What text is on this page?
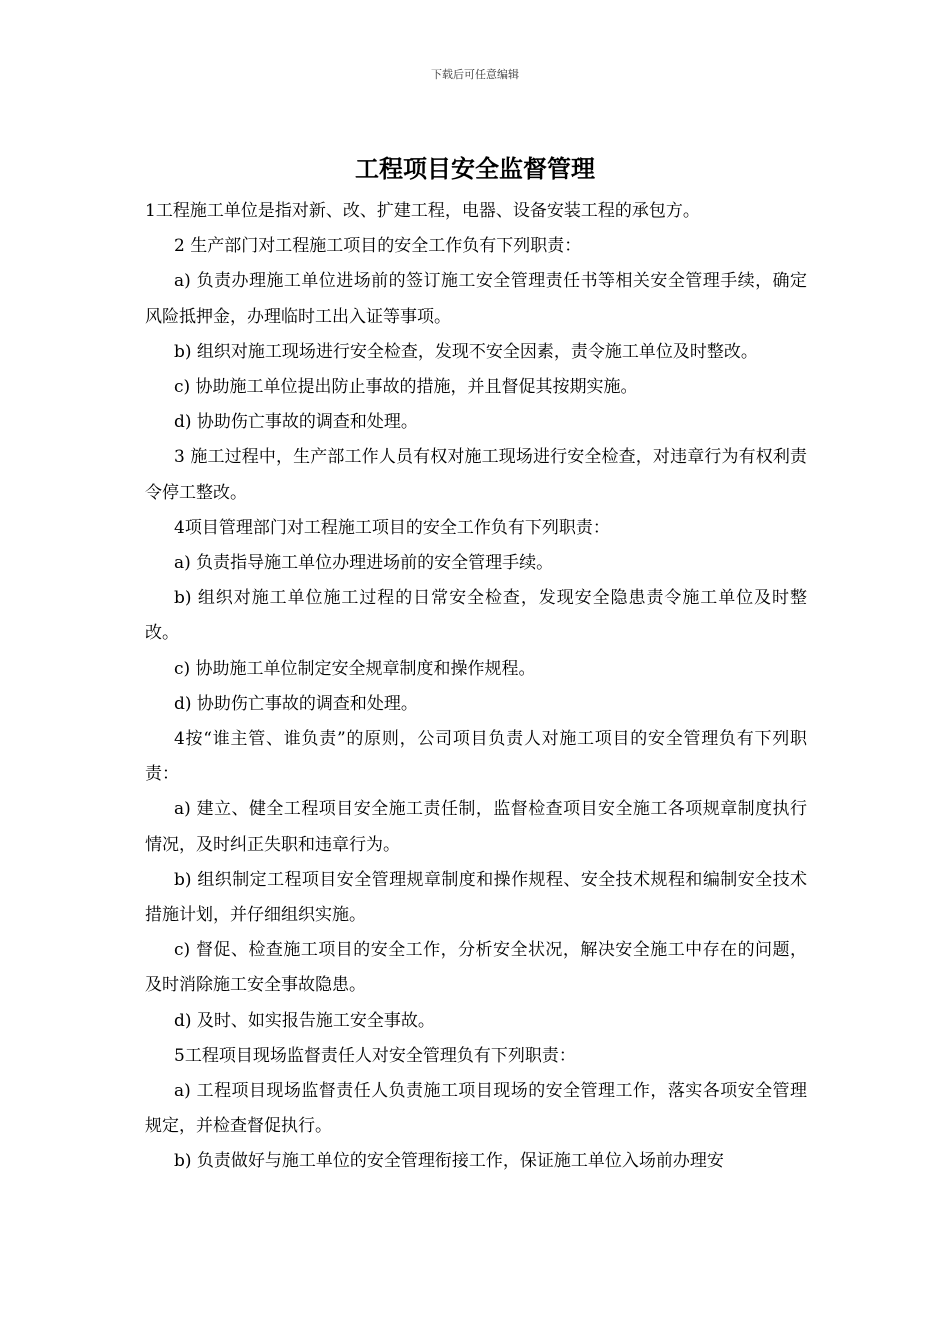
下载后可任意编辑
工程项目安全监督管理

1工程施工单位是指对新、改、扩建工程，电器、设备安装工程的承包方。

2 生产部门对工程施工项目的安全工作负有下列职责：

a) 负责办理施工单位进场前的签订施工安全管理责任书等相关安全管理手续，确定风险抵押金，办理临时工出入证等事项。

b) 组织对施工现场进行安全检查，发现不安全因素，责令施工单位及时整改。

c) 协助施工单位提出防止事故的措施，并且督促其按期实施。

d) 协助伤亡事故的调查和处理。

3 施工过程中，生产部工作人员有权对施工现场进行安全检查，对违章行为有权利责令停工整改。

4项目管理部门对工程施工项目的安全工作负有下列职责：

a) 负责指导施工单位办理进场前的安全管理手续。

b) 组织对施工单位施工过程的日常安全检查，发现安全隐患责令施工单位及时整改。

c) 协助施工单位制定安全规章制度和操作规程。

d) 协助伤亡事故的调查和处理。

4按“谁主管、谁负责”的原则，公司项目负责人对施工项目的安全管理负有下列职责：

a) 建立、健全工程项目安全施工责任制，监督检查项目安全施工各项规章制度执行情况，及时纠正失职和违章行为。

b) 组织制定工程项目安全管理规章制度和操作规程、安全技术规程和编制安全技术措施计划，并仔细组织实施。

c) 督促、检查施工项目的安全工作，分析安全状况，解决安全施工中存在的问题，及时消除施工安全事故隐患。

d) 及时、如实报告施工安全事故。

5工程项目现场监督责任人对安全管理负有下列职责：

a) 工程项目现场监督责任人负责施工项目现场的安全管理工作，落实各项安全管理规定，并检查督促执行。

b) 负责做好与施工单位的安全管理衔接工作，保证施工单位入场前办理安
